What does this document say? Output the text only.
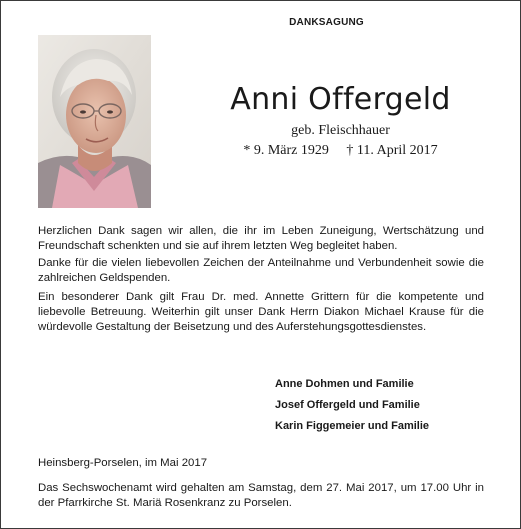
DANKSAGUNG
Anni Offergeld
geb. Fleischhauer
* 9. März 1929 † 11. April 2017
Herzlichen Dank sagen wir allen, die ihr im Leben Zuneigung, Wertschätzung und Freundschaft schenkten und sie auf ihrem letzten Weg begleitet haben.
Danke für die vielen liebevollen Zeichen der Anteilnahme und Verbundenheit sowie die zahlreichen Geldspenden.
Ein besonderer Dank gilt Frau Dr. med. Annette Grittern für die kompetente und liebevolle Betreuung. Weiterhin gilt unser Dank Herrn Diakon Michael Krause für die würdevolle Gestaltung der Beisetzung und des Auferstehungsgottesdienstes.
Anne Dohmen und Familie
Josef Offergeld und Familie
Karin Figgemeier und Familie
Heinsberg-Porselen, im Mai 2017
Das Sechswochenamt wird gehalten am Samstag, dem 27. Mai 2017, um 17.00 Uhr in der Pfarrkirche St. Mariä Rosenkranz zu Porselen.
